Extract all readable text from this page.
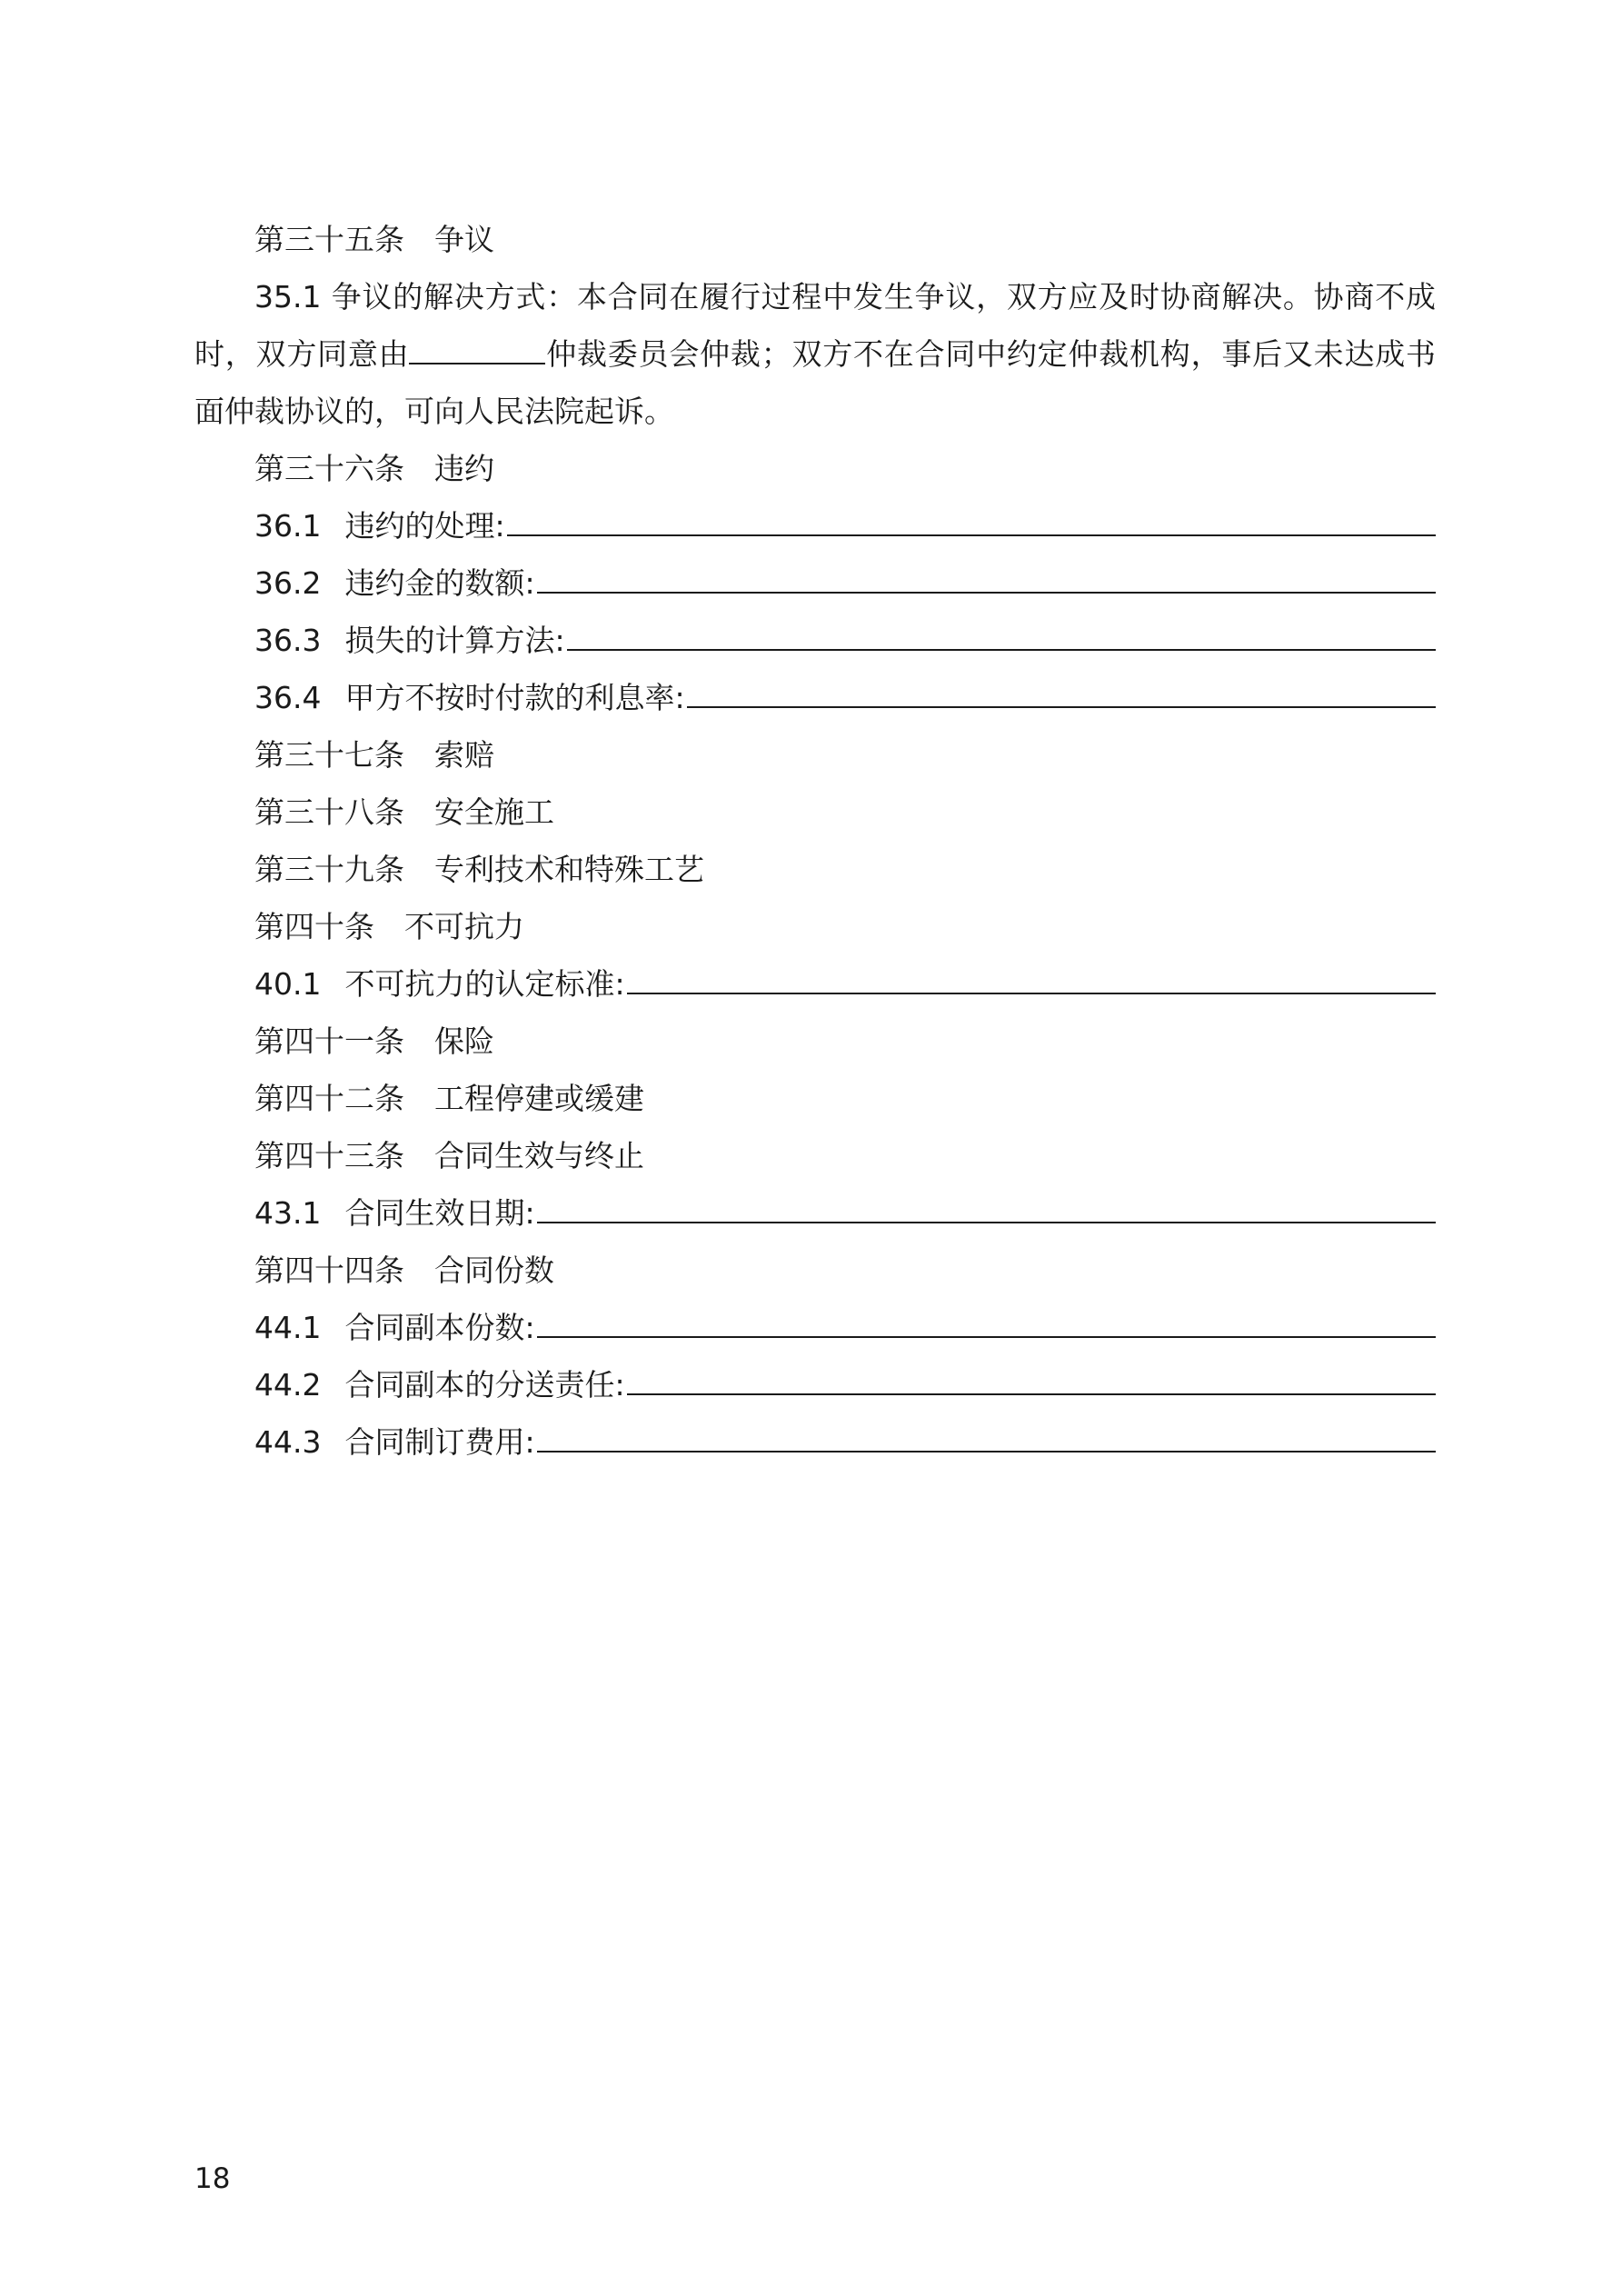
第三十五条 争议
35.1 争议的解决方式：本合同在履行过程中发生争议，双方应及时协商解决。协商不成时，双方同意由	仲裁委员会仲裁；双方不在合同中约定仲裁机构，事后又未达成书面仲裁协议的，可向人民法院起诉。
第三十六条 违约
36.1 违约的处理:
36.2 违约金的数额:
36.3 损失的计算方法:
36.4 甲方不按时付款的利息率:
第三十七条 索赔
第三十八条 安全施工
第三十九条 专利技术和特殊工艺
第四十条 不可抗力
40.1 不可抗力的认定标准:
第四十一条 保险
第四十二条 工程停建或缓建
第四十三条 合同生效与终止
43.1 合同生效日期:
第四十四条 合同份数
44.1 合同副本份数:
44.2 合同副本的分送责任:
44.3 合同制订费用:
18
